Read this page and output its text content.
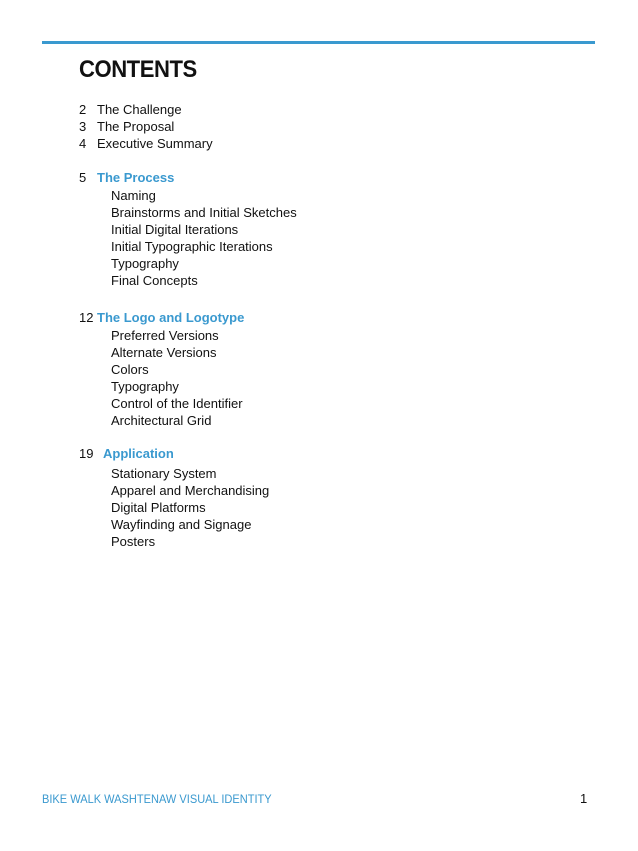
CONTENTS
2 The Challenge
3 The Proposal
4 Executive Summary
5 The Process
Naming
Brainstorms and Initial Sketches
Initial Digital Iterations
Initial Typographic Iterations
Typography
Final Concepts
12 The Logo and Logotype
Preferred Versions
Alternate Versions
Colors
Typography
Control of the Identifier
Architectural Grid
19 Application
Stationary System
Apparel and Merchandising
Digital Platforms
Wayfinding and Signage
Posters
BIKE WALK WASHTENAW VISUAL IDENTITY	1
